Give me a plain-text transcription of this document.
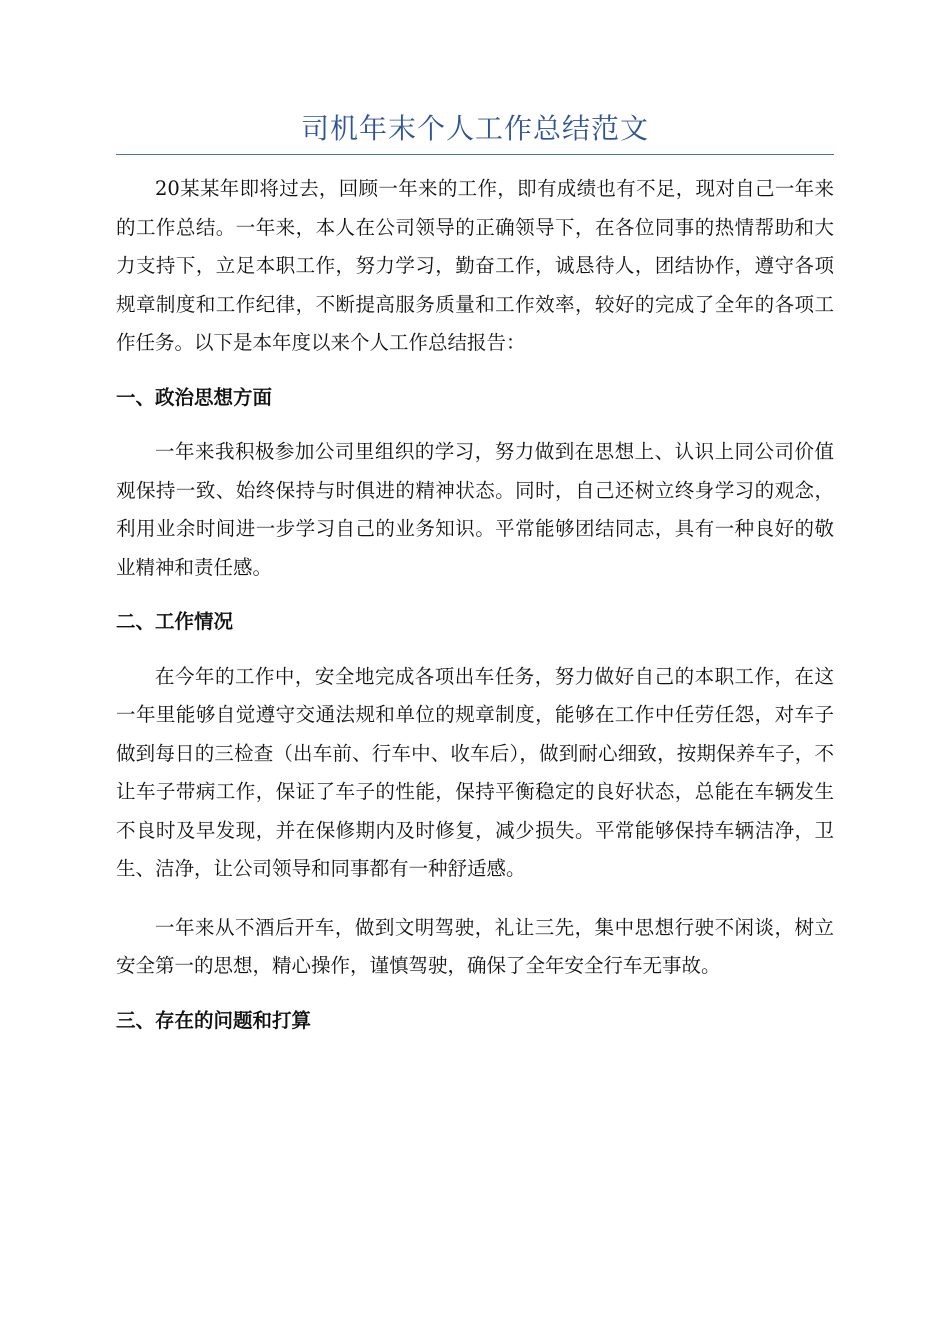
司机年末个人工作总结范文

20某某年即将过去，回顾一年来的工作，即有成绩也有不足，现对自己一年来的工作总结。一年来，本人在公司领导的正确领导下，在各位同事的热情帮助和大力支持下，立足本职工作，努力学习，勤奋工作，诚恳待人，团结协作，遵守各项规章制度和工作纪律，不断提高服务质量和工作效率，较好的完成了全年的各项工作任务。以下是本年度以来个人工作总结报告：

一、政治思想方面

一年来我积极参加公司里组织的学习，努力做到在思想上、认识上同公司价值观保持一致、始终保持与时俱进的精神状态。同时，自己还树立终身学习的观念，利用业余时间进一步学习自己的业务知识。平常能够团结同志，具有一种良好的敬业精神和责任感。

二、工作情况

在今年的工作中，安全地完成各项出车任务，努力做好自己的本职工作，在这一年里能够自觉遵守交通法规和单位的规章制度，能够在工作中任劳任怨，对车子做到每日的三检查（出车前、行车中、收车后），做到耐心细致，按期保养车子，不让车子带病工作，保证了车子的性能，保持平衡稳定的良好状态，总能在车辆发生不良时及早发现，并在保修期内及时修复，减少损失。平常能够保持车辆洁净，卫生、洁净，让公司领导和同事都有一种舒适感。

一年来从不酒后开车，做到文明驾驶，礼让三先，集中思想行驶不闲谈，树立安全第一的思想，精心操作，谨慎驾驶，确保了全年安全行车无事故。

三、存在的问题和打算
